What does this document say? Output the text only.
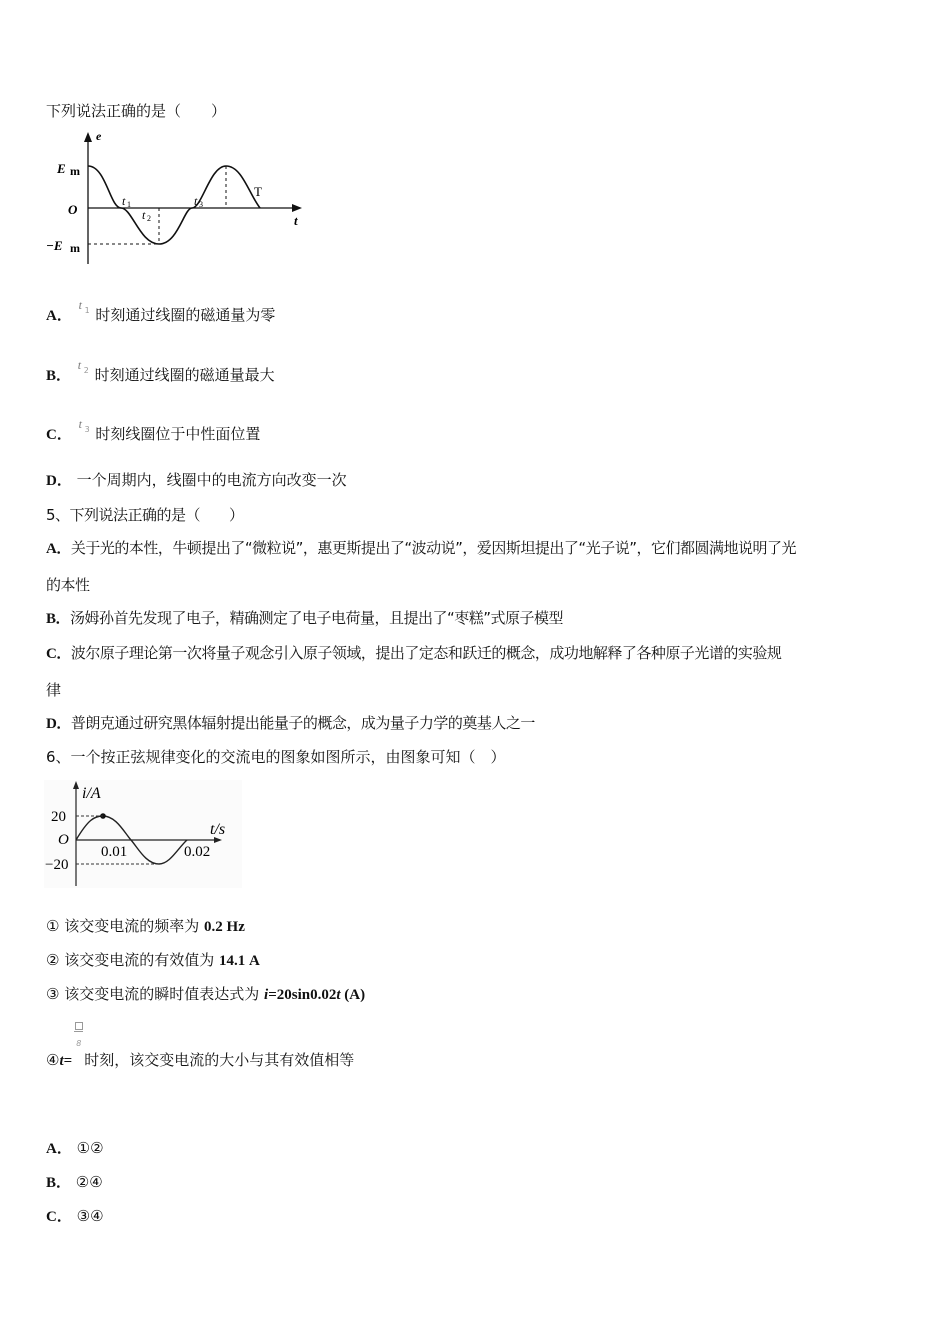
下列说法正确的是（　　）
e
t
O
E m
−E m
t 1
t 2
t 3
T
A．
t 1 时刻通过线圈的磁通量为零
B．
t 2 时刻通过线圈的磁通量最大
C．
t 3 时刻线圈位于中性面位置
D． 一个周期内，线圈中的电流方向改变一次
5、下列说法正确的是（　　）
A．关于光的本性，牛顿提出了“微粒说”，惠更斯提出了“波动说”，爱因斯坦提出了“光子说”，它们都圆满地说明了光
的本性
B．汤姆孙首先发现了电子，精确测定了电子电荷量，且提出了“枣糕”式原子模型
C．波尔原子理论第一次将量子观念引入原子领域，提出了定态和跃迁的概念，成功地解释了各种原子光谱的实验规
律
D．普朗克通过研究黑体辐射提出能量子的概念，成为量子力学的奠基人之一
6、一个按正弦规律变化的交流电的图象如图所示，由图象可知（　）
i/A
t/s
O
20
−20
0.01	0.02
① 该交变电流的频率为 0.2 Hz
② 该交变电流的有效值为 14.1 A
③ 该交变电流的瞬时值表达式为 i=20sin0.02t (A)
④t=
8
时刻，该交变电流的大小与其有效值相等
A． ①②
B． ②④
C． ③④
